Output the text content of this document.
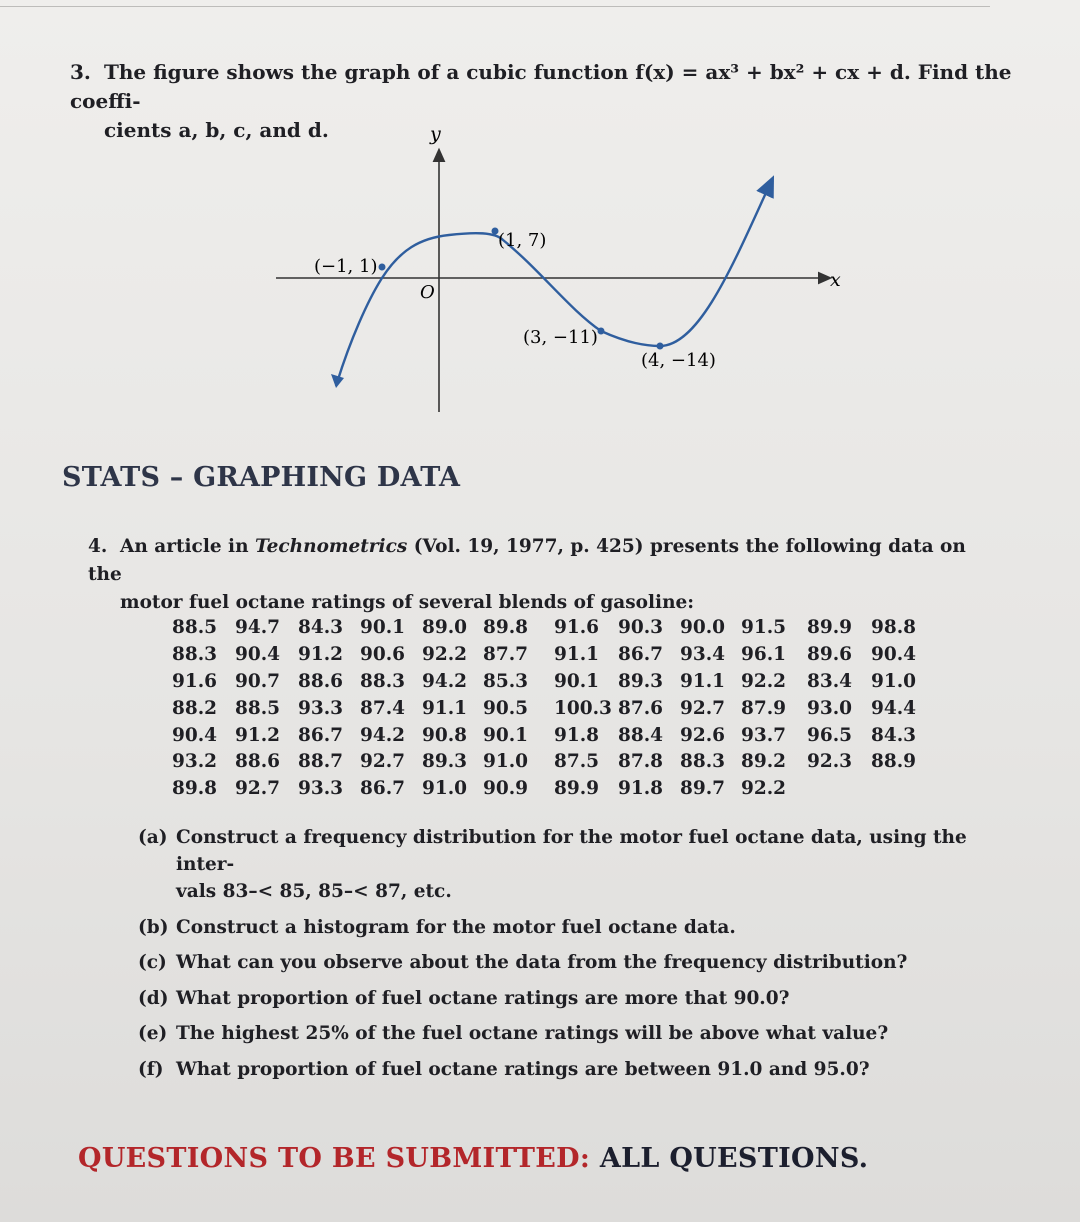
3. The figure shows the graph of a cubic function f(x) = ax³ + bx² + cx + d. Find the coeffi-
cients a, b, c, and d.	y
x
O
(−1, 1)
(1, 7)
(3, −11)
(4, −14)
STATS – GRAPHING DATA
4. An article in Technometrics (Vol. 19, 1977, p. 425) presents the following data on the
motor fuel octane ratings of several blends of gasoline:
88.5	94.7	84.3	90.1	89.0	89.8	91.6	90.3	90.0	91.5	89.9	98.8
88.3	90.4	91.2	90.6	92.2	87.7	91.1	86.7	93.4	96.1	89.6	90.4
91.6	90.7	88.6	88.3	94.2	85.3	90.1	89.3	91.1	92.2	83.4	91.0
88.2	88.5	93.3	87.4	91.1	90.5	100.3	87.6	92.7	87.9	93.0	94.4
90.4	91.2	86.7	94.2	90.8	90.1	91.8	88.4	92.6	93.7	96.5	84.3
93.2	88.6	88.7	92.7	89.3	91.0	87.5	87.8	88.3	89.2	92.3	88.9
89.8	92.7	93.3	86.7	91.0	90.9	89.9	91.8	89.7	92.2		
(a) Construct a frequency distribution for the motor fuel octane data, using the inter-
vals 83–< 85, 85–< 87, etc.
(b) Construct a histogram for the motor fuel octane data.
(c) What can you observe about the data from the frequency distribution?
(d) What proportion of fuel octane ratings are more that 90.0?
(e) The highest 25% of the fuel octane ratings will be above what value?
(f) What proportion of fuel octane ratings are between 91.0 and 95.0?
QUESTIONS TO BE SUBMITTED: ALL QUESTIONS.
